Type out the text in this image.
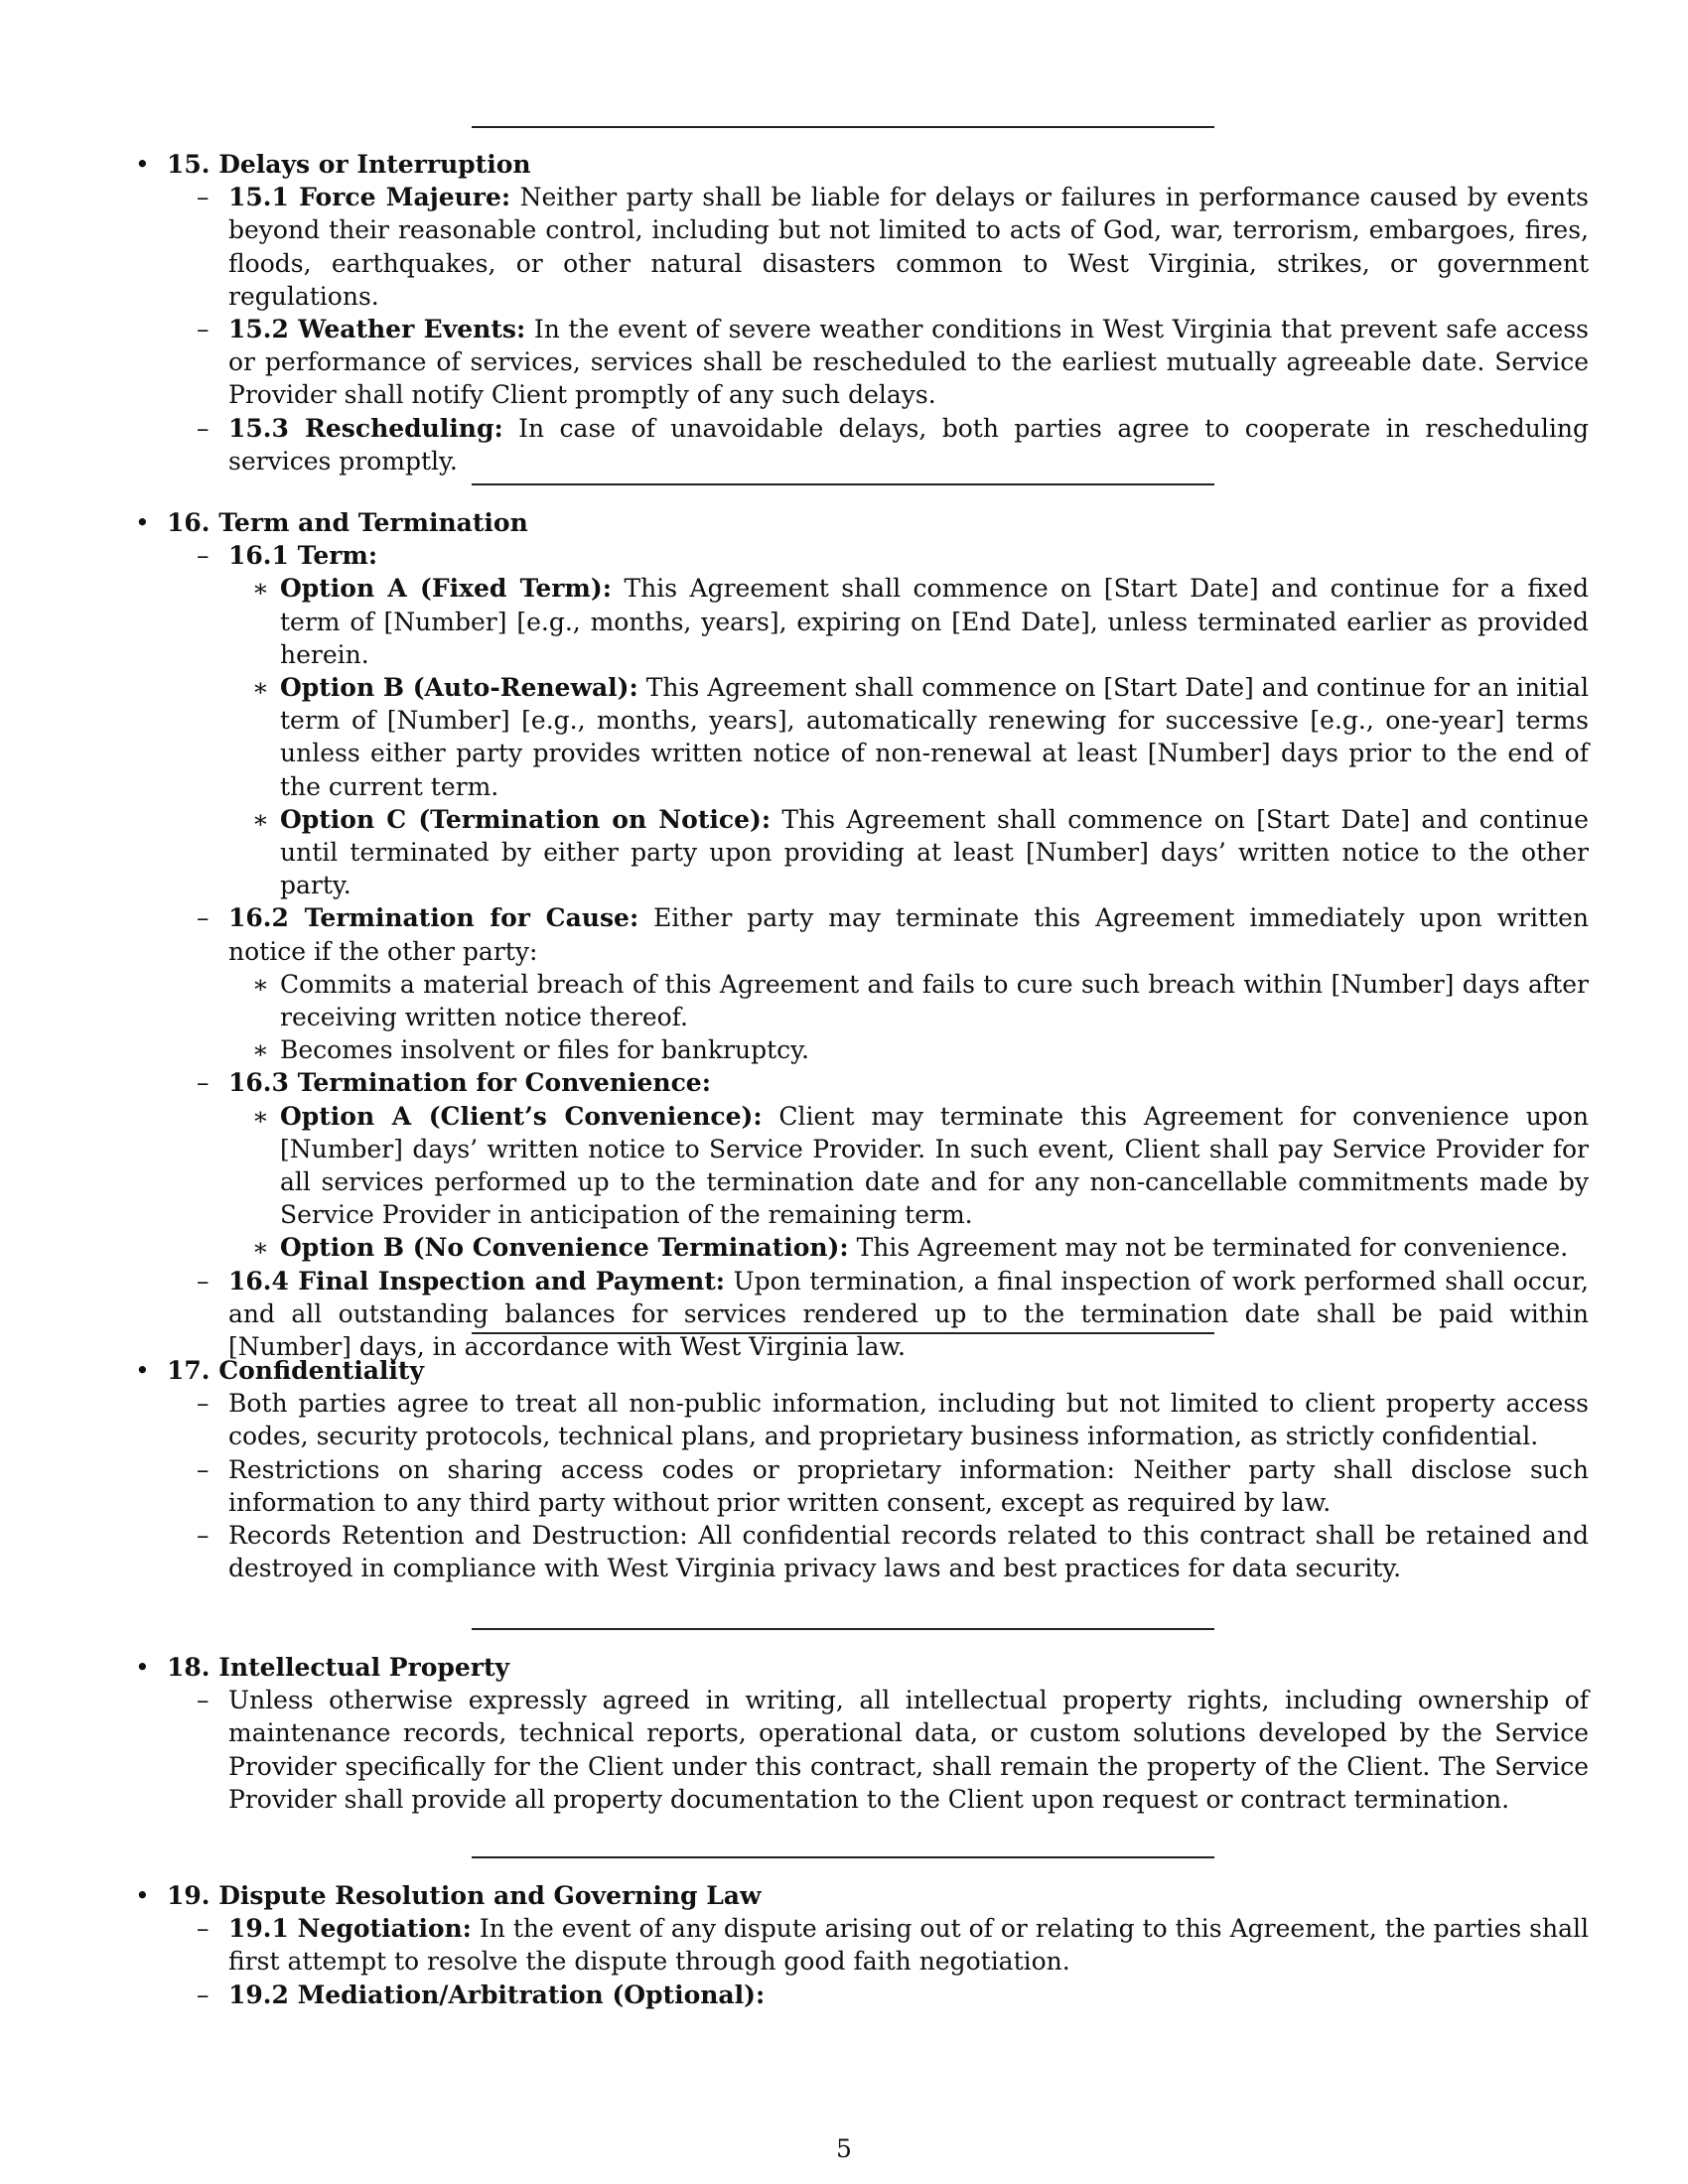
• 15. Delays or Interruption
– 15.1 Force Majeure: Neither party shall be liable for delays or failures in performance caused by events beyond their reasonable control, including but not limited to acts of God, war, terrorism, embargoes, fires, floods, earthquakes, or other natural disasters common to West Virginia, strikes, or government regulations.
– 15.2 Weather Events: In the event of severe weather conditions in West Virginia that prevent safe access or performance of services, services shall be rescheduled to the earliest mutually agreeable date. Service Provider shall notify Client promptly of any such delays.
– 15.3 Rescheduling: In case of unavoidable delays, both parties agree to cooperate in rescheduling services promptly.
• 16. Term and Termination
– 16.1 Term:
∗ Option A (Fixed Term): This Agreement shall commence on [Start Date] and continue for a fixed term of [Number] [e.g., months, years], expiring on [End Date], unless terminated earlier as provided herein.
∗ Option B (Auto-Renewal): This Agreement shall commence on [Start Date] and continue for an initial term of [Number] [e.g., months, years], automatically renewing for successive [e.g., one-year] terms unless either party provides written notice of non-renewal at least [Number] days prior to the end of the current term.
∗ Option C (Termination on Notice): This Agreement shall commence on [Start Date] and continue until terminated by either party upon providing at least [Number] days’ written notice to the other party.
– 16.2 Termination for Cause: Either party may terminate this Agreement immediately upon written notice if the other party:
∗ Commits a material breach of this Agreement and fails to cure such breach within [Number] days after receiving written notice thereof.
∗ Becomes insolvent or files for bankruptcy.
– 16.3 Termination for Convenience:
∗ Option A (Client’s Convenience): Client may terminate this Agreement for convenience upon [Number] days’ written notice to Service Provider. In such event, Client shall pay Service Provider for all services performed up to the termination date and for any non-cancellable commitments made by Service Provider in anticipation of the remaining term.
∗ Option B (No Convenience Termination): This Agreement may not be terminated for convenience.
– 16.4 Final Inspection and Payment: Upon termination, a final inspection of work performed shall occur, and all outstanding balances for services rendered up to the termination date shall be paid within [Number] days, in accordance with West Virginia law.
• 17. Confidentiality
– Both parties agree to treat all non-public information, including but not limited to client property access codes, security protocols, technical plans, and proprietary business information, as strictly confidential.
– Restrictions on sharing access codes or proprietary information: Neither party shall disclose such information to any third party without prior written consent, except as required by law.
– Records Retention and Destruction: All confidential records related to this contract shall be retained and destroyed in compliance with West Virginia privacy laws and best practices for data security.
• 18. Intellectual Property
– Unless otherwise expressly agreed in writing, all intellectual property rights, including ownership of maintenance records, technical reports, operational data, or custom solutions developed by the Service Provider specifically for the Client under this contract, shall remain the property of the Client. The Service Provider shall provide all property documentation to the Client upon request or contract termination.
• 19. Dispute Resolution and Governing Law
– 19.1 Negotiation: In the event of any dispute arising out of or relating to this Agreement, the parties shall first attempt to resolve the dispute through good faith negotiation.
– 19.2 Mediation/Arbitration (Optional):
5
